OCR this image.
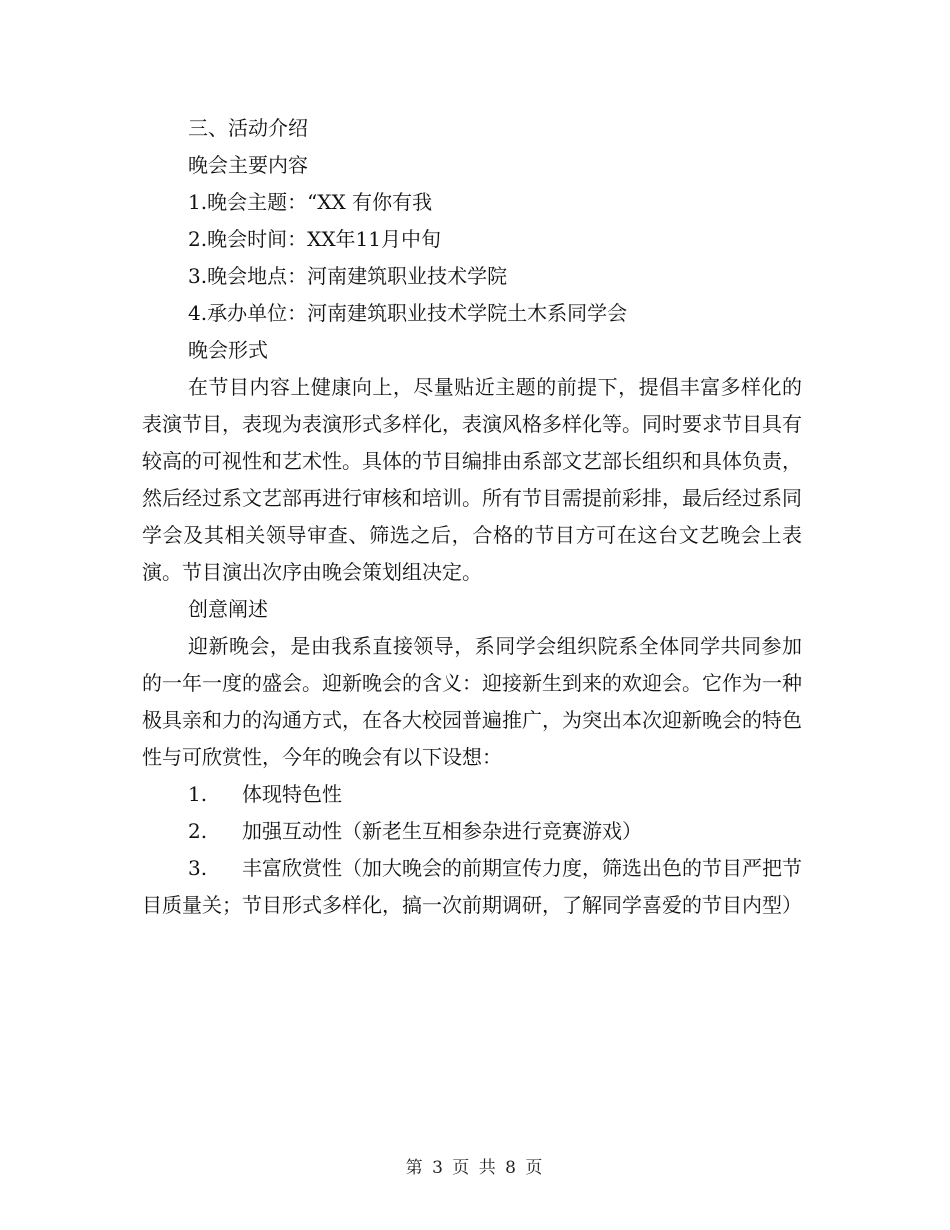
三、活动介绍
晚会主要内容
1.晚会主题：“XX 有你有我
2.晚会时间：XX年11月中旬
3.晚会地点：河南建筑职业技术学院
4.承办单位：河南建筑职业技术学院土木系同学会
晚会形式

在节目内容上健康向上，尽量贴近主题的前提下，提倡丰富多样化的表演节目，表现为表演形式多样化，表演风格多样化等。同时要求节目具有较高的可视性和艺术性。具体的节目编排由系部文艺部长组织和具体负责，然后经过系文艺部再进行审核和培训。所有节目需提前彩排，最后经过系同学会及其相关领导审查、筛选之后，合格的节目方可在这台文艺晚会上表演。节目演出次序由晚会策划组决定。

创意阐述

迎新晚会，是由我系直接领导，系同学会组织院系全体同学共同参加的一年一度的盛会。迎新晚会的含义：迎接新生到来的欢迎会。它作为一种极具亲和力的沟通方式，在各大校园普遍推广，为突出本次迎新晚会的特色性与可欣赏性，今年的晚会有以下设想：

1. 体现特色性
2. 加强互动性（新老生互相参杂进行竞赛游戏）

3. 丰富欣赏性（加大晚会的前期宣传力度，筛选出色的节目严把节目质量关；节目形式多样化，搞一次前期调研，了解同学喜爱的节目内型）

第 3 页 共 8 页
